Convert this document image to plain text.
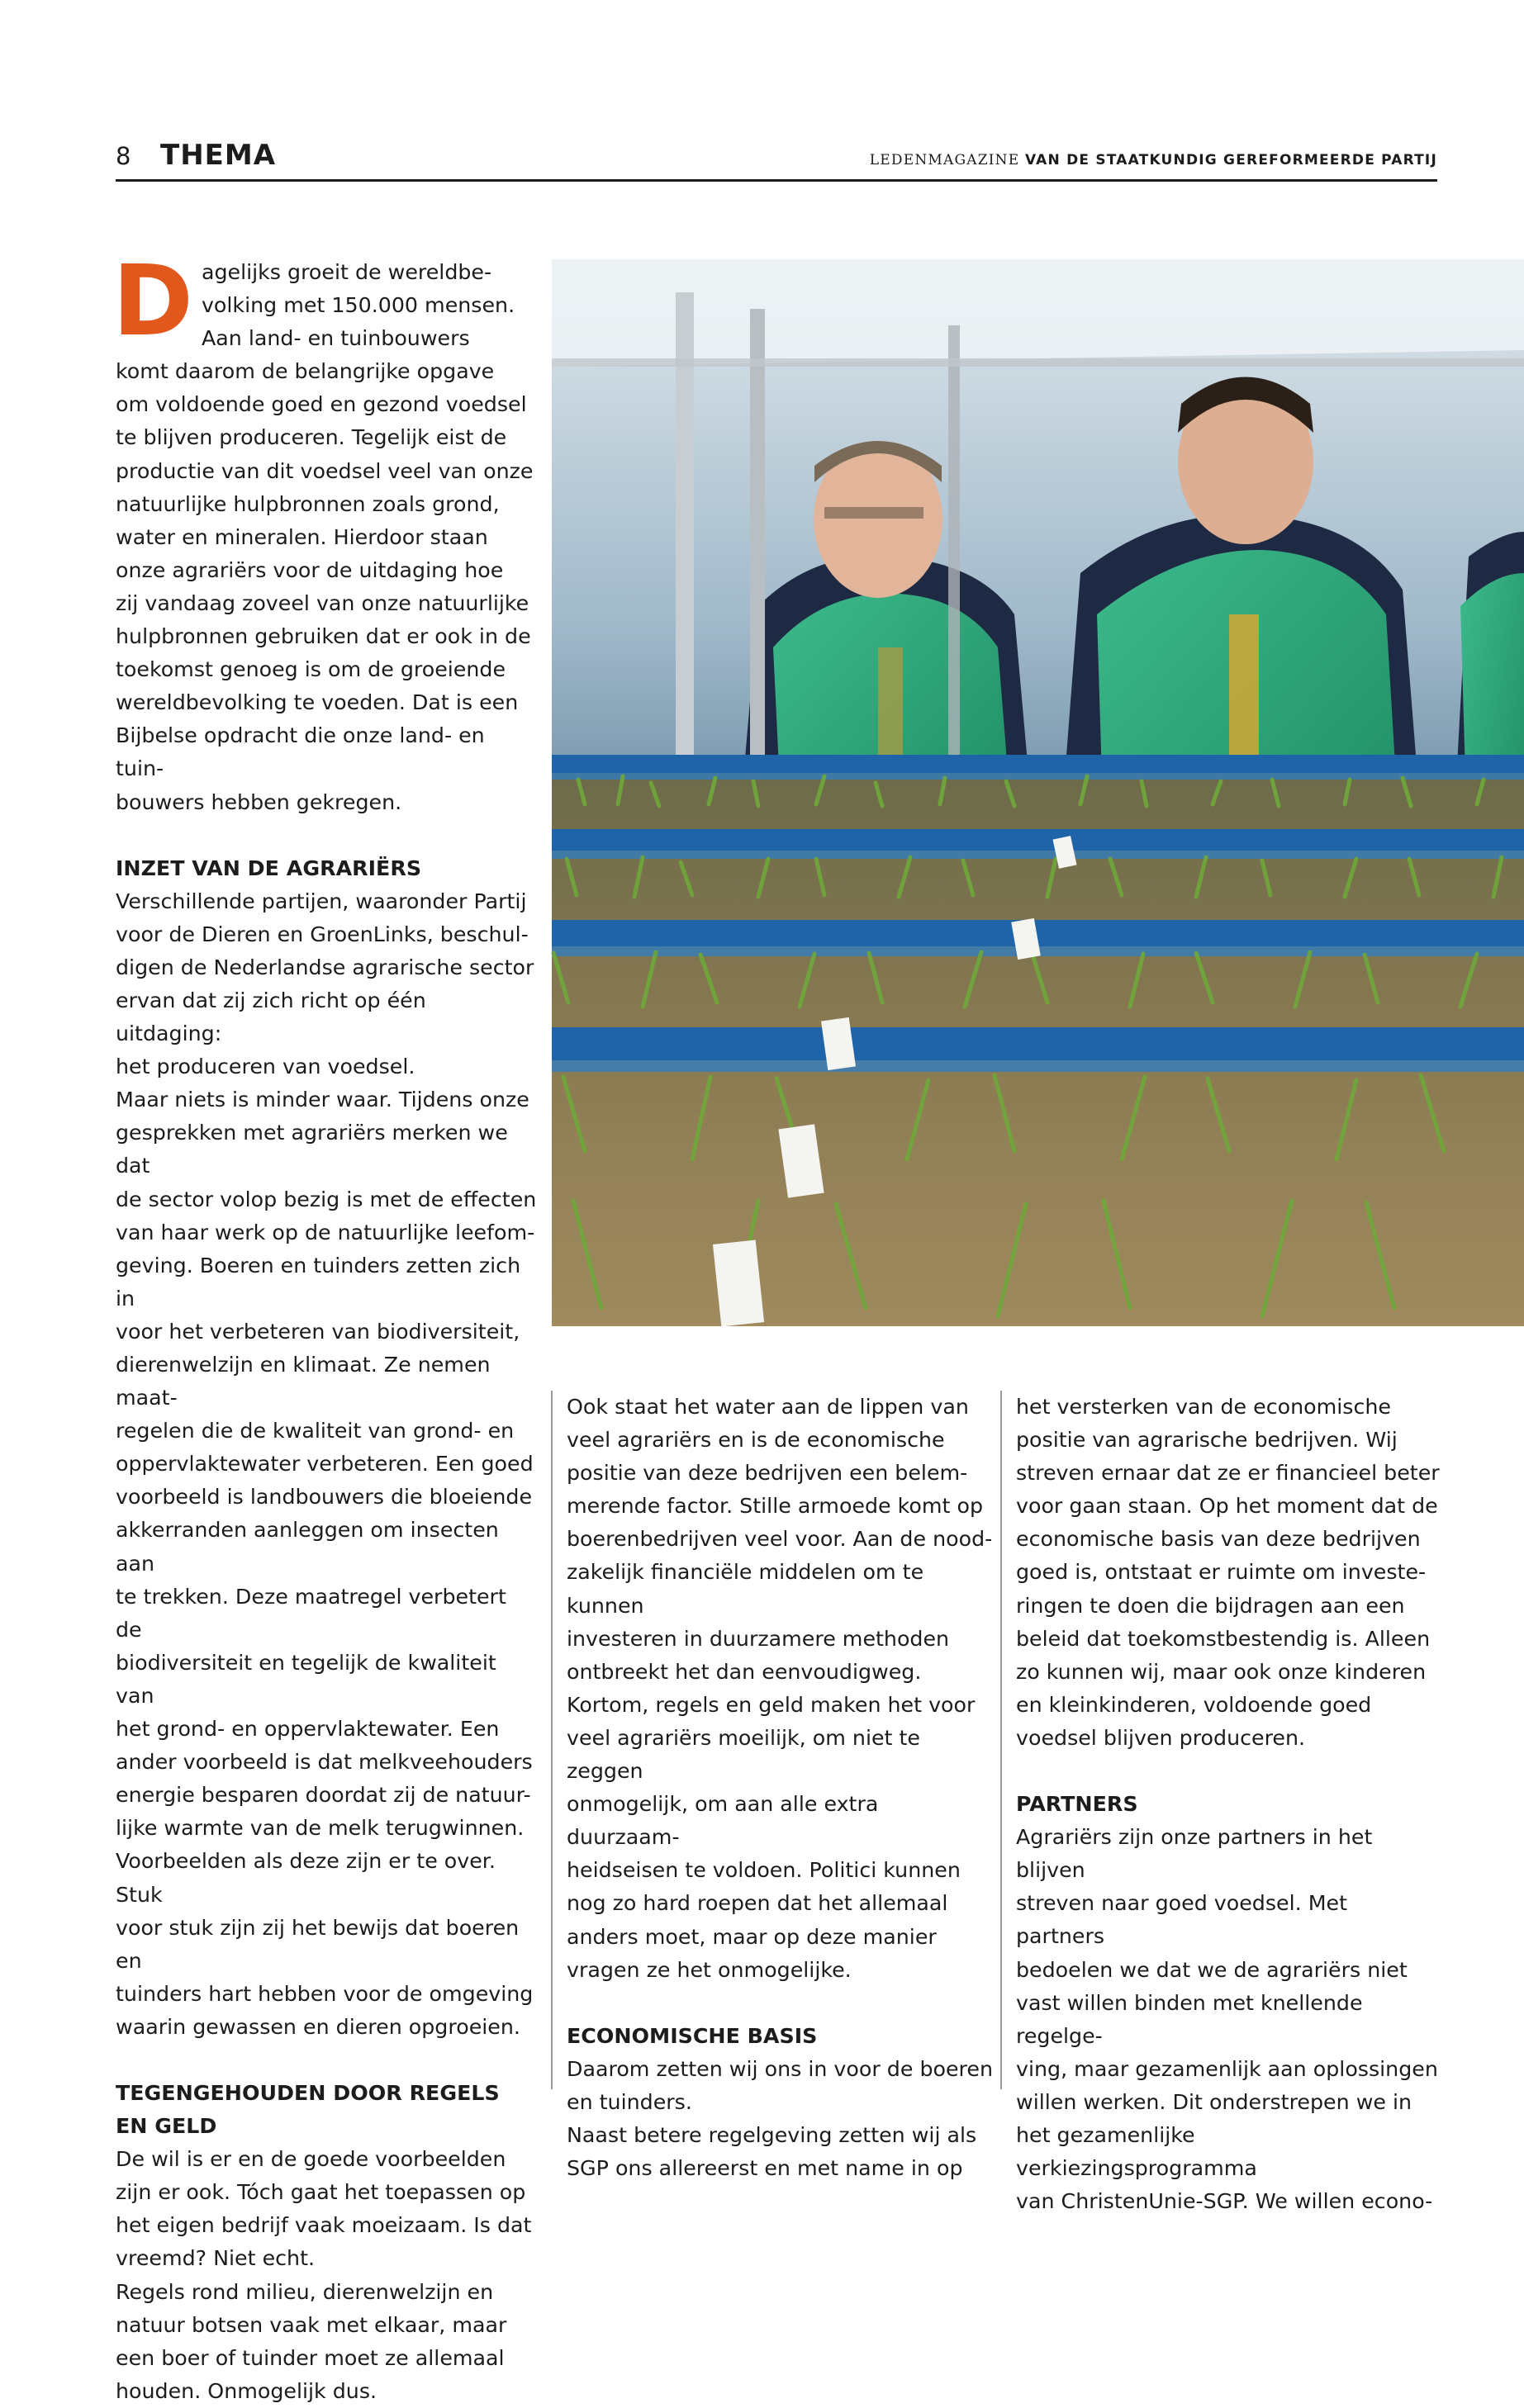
8 THEMA	LEDENMAGAZINE VAN DE STAATKUNDIG GEREFORMEERDE PARTIJ

Dagelijks groeit de wereldbe-
volking met 150.000 mensen.
Aan land- en tuinbouwers
komt daarom de belangrijke opgave
om voldoende goed en gezond voedsel
te blijven produceren. Tegelijk eist de
productie van dit voedsel veel van onze
natuurlijke hulpbronnen zoals grond,
water en mineralen. Hierdoor staan
onze agrariërs voor de uitdaging hoe
zij vandaag zoveel van onze natuurlijke
hulpbronnen gebruiken dat er ook in de
toekomst genoeg is om de groeiende
wereldbevolking te voeden. Dat is een
Bijbelse opdracht die onze land- en tuin-
bouwers hebben gekregen.

INZET VAN DE AGRARIËRS

Verschillende partijen, waaronder Partij
voor de Dieren en GroenLinks, beschul-
digen de Nederlandse agrarische sector
ervan dat zij zich richt op één uitdaging:
het produceren van voedsel.

Maar niets is minder waar. Tijdens onze
gesprekken met agrariërs merken we dat
de sector volop bezig is met de effecten
van haar werk op de natuurlijke leefom-
geving. Boeren en tuinders zetten zich in
voor het verbeteren van biodiversiteit,
dierenwelzijn en klimaat. Ze nemen maat-
regelen die de kwaliteit van grond- en
oppervlaktewater verbeteren. Een goed
voorbeeld is landbouwers die bloeiende
akkerranden aanleggen om insecten aan
te trekken. Deze maatregel verbetert de
biodiversiteit en tegelijk de kwaliteit van
het grond- en oppervlaktewater. Een
ander voorbeeld is dat melkveehouders
energie besparen doordat zij de natuur-
lijke warmte van de melk terugwinnen.
Voorbeelden als deze zijn er te over. Stuk
voor stuk zijn zij het bewijs dat boeren en
tuinders hart hebben voor de omgeving
waarin gewassen en dieren opgroeien.

TEGENGEHOUDEN DOOR REGELS
EN GELD

De wil is er en de goede voorbeelden
zijn er ook. Tóch gaat het toepassen op
het eigen bedrijf vaak moeizaam. Is dat
vreemd? Niet echt.

Regels rond milieu, dierenwelzijn en
natuur botsen vaak met elkaar, maar
een boer of tuinder moet ze allemaal
houden. Onmogelijk dus.

Ook staat het water aan de lippen van
veel agrariërs en is de economische
positie van deze bedrijven een belem-
merende factor. Stille armoede komt op
boerenbedrijven veel voor. Aan de nood-
zakelijk financiële middelen om te kunnen
investeren in duurzamere methoden
ontbreekt het dan eenvoudigweg.

Kortom, regels en geld maken het voor
veel agrariërs moeilijk, om niet te zeggen
onmogelijk, om aan alle extra duurzaam-
heidseisen te voldoen. Politici kunnen
nog zo hard roepen dat het allemaal
anders moet, maar op deze manier
vragen ze het onmogelijke.

ECONOMISCHE BASIS

Daarom zetten wij ons in voor de boeren
en tuinders.

Naast betere regelgeving zetten wij als
SGP ons allereerst en met name in op

het versterken van de economische
positie van agrarische bedrijven. Wij
streven ernaar dat ze er financieel beter
voor gaan staan. Op het moment dat de
economische basis van deze bedrijven
goed is, ontstaat er ruimte om investe-
ringen te doen die bijdragen aan een
beleid dat toekomstbestendig is. Alleen
zo kunnen wij, maar ook onze kinderen
en kleinkinderen, voldoende goed
voedsel blijven produceren.

PARTNERS

Agrariërs zijn onze partners in het blijven
streven naar goed voedsel. Met partners
bedoelen we dat we de agrariërs niet
vast willen binden met knellende regelge-
ving, maar gezamenlijk aan oplossingen
willen werken. Dit onderstrepen we in
het gezamenlijke verkiezingsprogramma
van ChristenUnie-SGP. We willen econo-
